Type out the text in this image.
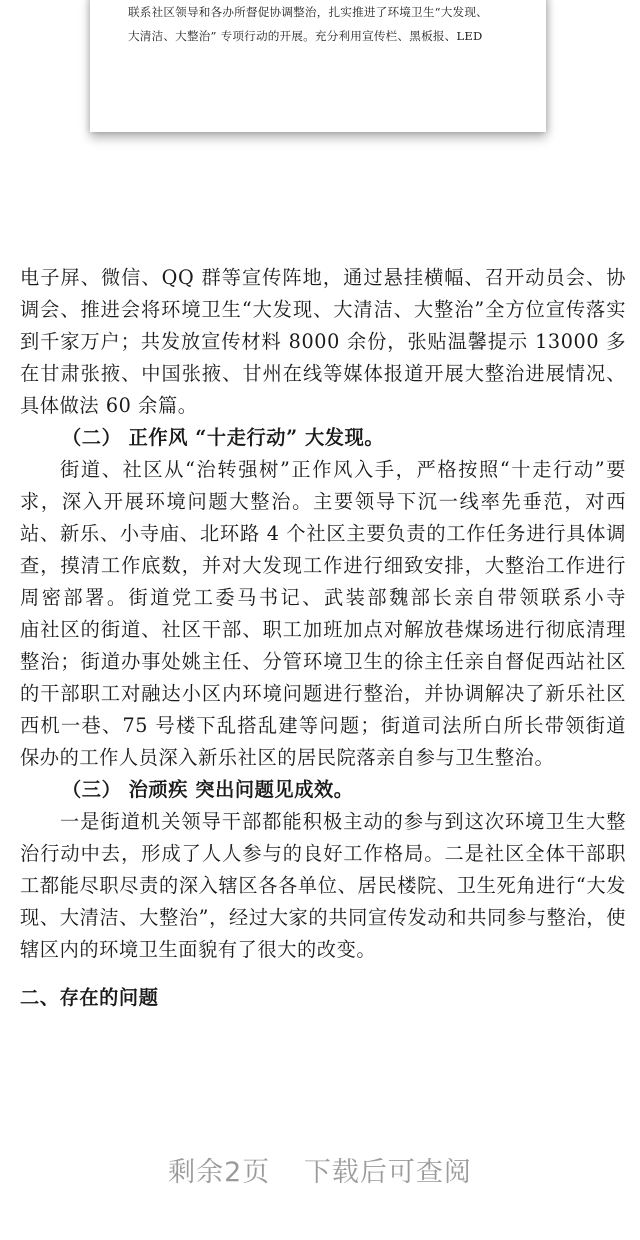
联系社区领导和各办所督促协调整治，扎实推进了环境卫生“大发现、
大清洁、大整治” 专项行动的开展。充分利用宣传栏、黑板报、LED
电子屏、微信、QQ 群等宣传阵地，通过悬挂横幅、召开动员会、协
调会、推进会将环境卫生“大发现、大清洁、大整治”全方位宣传落实
到千家万户；共发放宣传材料 8000 余份，张贴温馨提示 13000 多
在甘肃张掖、中国张掖、甘州在线等媒体报道开展大整治进展情况、
具体做法 60 余篇。
（二） 正作风 “十走行动” 大发现。
街道、社区从“治转强树”正作风入手，严格按照“十走行动”要
求，深入开展环境问题大整治。主要领导下沉一线率先垂范，对西
站、新乐、小寺庙、北环路 4 个社区主要负责的工作任务进行具体调
查，摸清工作底数，并对大发现工作进行细致安排，大整治工作进行
周密部署。街道党工委马书记、武装部魏部长亲自带领联系小寺
庙社区的街道、社区干部、职工加班加点对解放巷煤场进行彻底清理
整治；街道办事处姚主任、分管环境卫生的徐主任亲自督促西站社区
的干部职工对融达小区内环境问题进行整治，并协调解决了新乐社区
西机一巷、75 号楼下乱搭乱建等问题；街道司法所白所长带领街道
保办的工作人员深入新乐社区的居民院落亲自参与卫生整治。
（三） 治顽疾 突出问题见成效。
一是街道机关领导干部都能积极主动的参与到这次环境卫生大整
治行动中去，形成了人人参与的良好工作格局。二是社区全体干部职
工都能尽职尽责的深入辖区各各单位、居民楼院、卫生死角进行“大发
现、大清洁、大整治”，经过大家的共同宣传发动和共同参与整治，使
辖区内的环境卫生面貌有了很大的改变。
二、存在的问题
剩余2页 下载后可查阅
